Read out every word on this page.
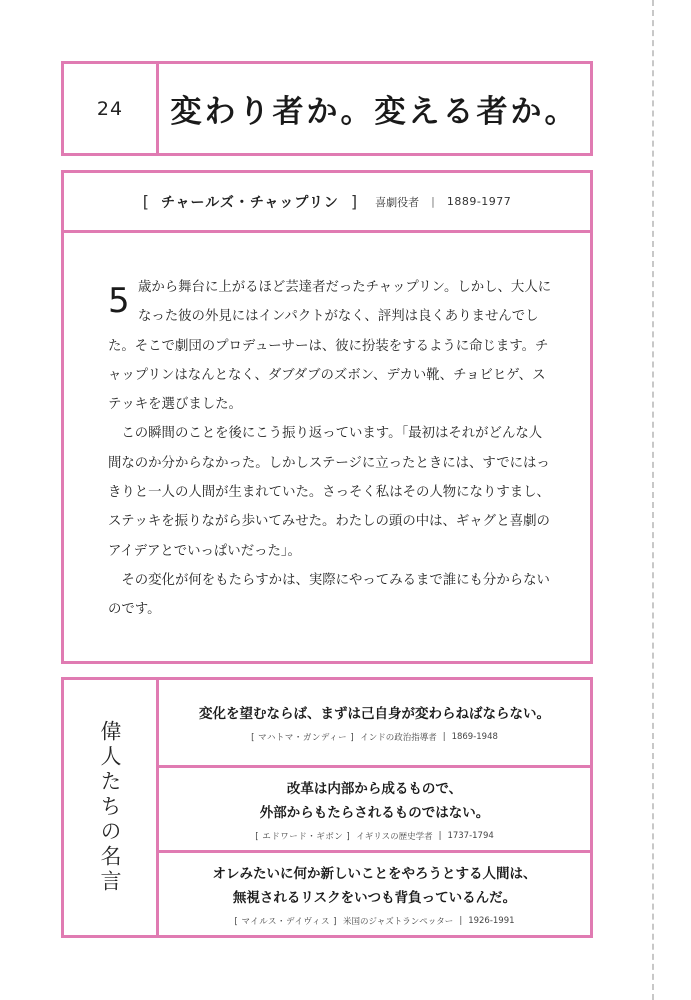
24	変わり者か。変える者か。
[ チャールズ・チャップリン ] 喜劇役者 | 1889-1977

5 歳から舞台に上がるほど芸達者だったチャップリン。しかし、大人になった彼の外見にはインパクトがなく、評判は良くありませんでした。そこで劇団のプロデューサーは、彼に扮装をするように命じます。チャップリンはなんとなく、ダブダブのズボン、デカい靴、チョビヒゲ、ステッキを選びました。

この瞬間のことを後にこう振り返っています。「最初はそれがどんな人間なのか分からなかった。しかしステージに立ったときには、すでにはっきりと一人の人間が生まれていた。さっそく私はその人物になりすまし、ステッキを振りながら歩いてみせた。わたしの頭の中は、ギャグと喜劇のアイデアとでいっぱいだった」。

その変化が何をもたらすかは、実際にやってみるまで誰にも分からないのです。

偉人たちの名言
変化を望むならば、まずは己自身が変わらねばならない。
[ マハトマ・ガンディー ] インドの政治指導者 | 1869-1948
改革は内部から成るもので、
外部からもたらされるものではない。
[ エドワード・ギボン ] イギリスの歴史学者 | 1737-1794
オレみたいに何か新しいことをやろうとする人間は、
無視されるリスクをいつも背負っているんだ。
[ マイルス・デイヴィス ] 米国のジャズトランペッター | 1926-1991
